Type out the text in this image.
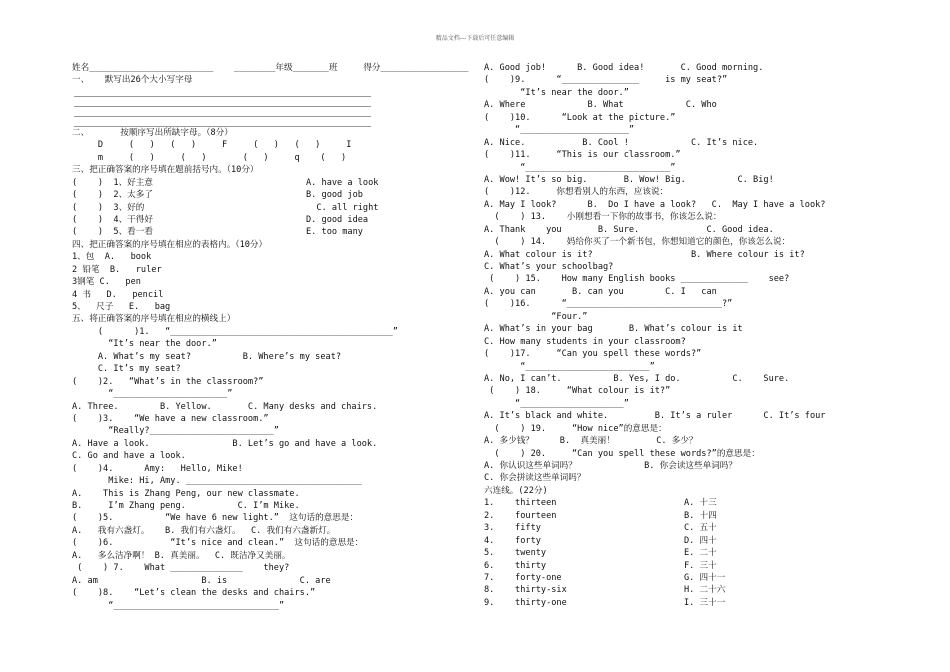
精品文档---下载后可任意编辑
姓名________________________    ________年级_______班     得分_________________
一、   默写出26个大小写字母
二、      按顺序写出所缺字母。（8分）
D     (   )   (   )     F     (   )   (   )     I
m     (   )     (   )       (   )     q    (   )
三、把正确答案的序号填在题前括号内。（10分）
(    )  1、好主意	A. have a look
(    )  2、太多了	B. good job
(    )  3、好的	C. all right
(    )  4、干得好	D. good idea
(    )  5、看一看	E. too many
四、把正确答案的序号填在相应的表格内。（10分）
1、包  A.   book
2 铅笔  B.   ruler
3钢笔 C.   pen
4 书   D.   pencil
5、  尺子   E.   bag
五、将正确答案的序号填在相应的横线上）
(      )1.   “___________________________________________”
“It’s near the door.”
A. What’s my seat?          B. Where’s my seat?
C. It’s my seat?
(    )2.   “What’s in the classroom?”
“______________________”
A. Three.        B. Yellow.       C. Many desks and chairs.
(    )3.    “We have a new classroom.”
“Really?________________________”
A. Have a look.                B. Let’s go and have a look.
C. Go and have a look.
(    )4.      Amy:   Hello, Mike!
Mike: Hi, Amy. __________________________________
A.    This is Zhang Peng, our new classmate.
B.     I’m Zhang peng.          C. I’m Mike.
(    )5.          “We have 6 new light.”  这句话的意思是：
A.   我有六盏灯。   B. 我们有六盏灯。  C. 我们有六盏新灯。
(    )6.           “It’s nice and clean.”  这句话的意思是：
A.   多么洁净啊！ B. 真美丽。  C. 既洁净又美丽。
(    ) 7.    What ______________    they?
A. am                    B. is              C. are
(    )8.    “Let’s clean the desks and chairs.”
“________________________________”
A. Good job!      B. Good idea!       C. Good morning.
(    )9.      “_______________     is my seat?”
“It’s near the door.”
A. Where            B. What            C. Who
(    )10.      “Look at the picture.”
“_____________________”
A. Nice.           B. Cool !            C. It’s nice.
(    )11.     “This is our classroom.”
“____________________________”
A. Wow! It’s so big.       B. Wow! Big.          C. Big!
(    )12.     你想看别人的东西，应该说：
A. May I look?      B.  Do I have a look?   C.  May I have a look?
(    ) 13.    小刚想看一下你的故事书，你该怎么说：
A. Thank    you       B. Sure.             C. Good idea.
(    ) 14.    妈给你买了一个新书包，你想知道它的颜色，你该怎么说：
A. What colour is it?                   B. Where colour is it?
C. What’s your schoolbag?
(    ) 15.    How many English books _____________    see?
A. you can       B. can you        C. I   can
(    )16.      “______________________________?”
“Four.”
A. What’s in your bag       B. What’s colour is it
C. How many students in your classroom?
(    )17.     “Can you spell these words?”
“________________________”
A. No, I can’t.          B. Yes, I do.          C.    Sure.
(    ) 18.     “What colour is it?”
“____________________”
A. It’s black and white.         B. It’s a ruler      C. It’s four
(    ) 19.     “How nice”的意思是：
A. 多少钱？     B.  真美丽！        C. 多少？
(    ) 20.     “Can you spell these words?”的意思是：
A. 你认识这些单词吗？             B. 你会读这些单词吗？
C. 你会拼读这些单词吗？
六连线。(22分)
1.    thirteen	A. 十三
2.    fourteen	B. 十四
3.    fifty	C. 五十
4.    forty	D. 四十
5.    twenty	E. 二十
6.    thirty	F. 三十
7.    forty-one	G. 四十一
8.    thirty-six	H. 二十六
9.    thirty-one	I. 三十一
